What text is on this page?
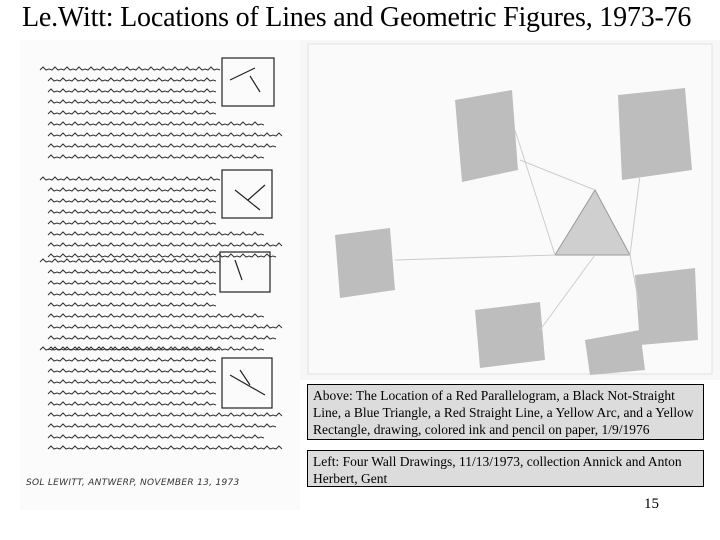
Le.Witt: Locations of Lines and Geometric Figures, 1973-76
SOL LEWITT, ANTWERP, NOVEMBER 13, 1973
Above: The Location of a Red Parallelogram, a Black Not-Straight Line, a Blue Triangle, a Red Straight Line, a Yellow Arc, and a Yellow Rectangle, drawing, colored ink and pencil on paper, 1/9/1976
Left: Four Wall Drawings, 11/13/1973, collection Annick and Anton Herbert, Gent
15
